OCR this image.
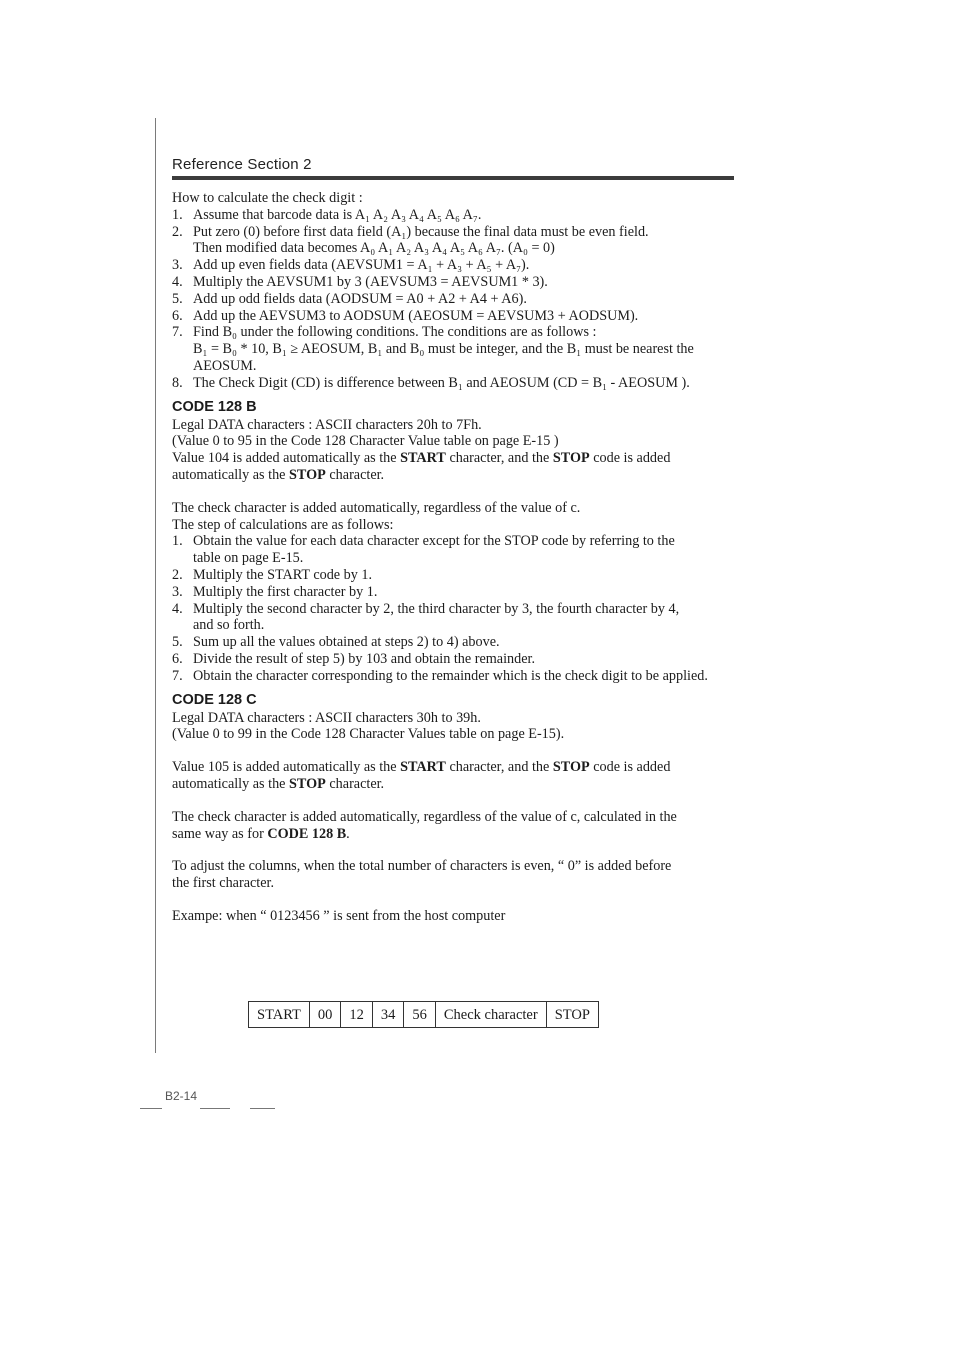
Reference Section 2

How to calculate the check digit :

1. Assume that barcode data is A₁ A₂ A₃ A₄ A₅ A₆ A₇.
2. Put zero (0) before first data field (A₁) because the final data must be even field.
Then modified data becomes A₀ A₁ A₂ A₃ A₄ A₅ A₆ A₇. (A₀ = 0)
3. Add up even fields data (AEVSUM1 = A₁ + A₃ + A₅ + A₇).
4. Multiply the AEVSUM1 by 3 (AEVSUM3 = AEVSUM1 * 3).
5. Add up odd fields data (AODSUM = A0 + A2 + A4 + A6).
6. Add up the AEVSUM3 to AODSUM (AEOSUM = AEVSUM3 + AODSUM).
7. Find B₀ under the following conditions. The conditions are as follows :
B₁ = B₀ * 10, B₁ ≥ AEOSUM, B₁ and B₀ must be integer, and the B₁ must be nearest the
AEOSUM.
8. The Check Digit (CD) is difference between B₁ and AEOSUM (CD = B₁ - AEOSUM ).

CODE 128 B

Legal DATA characters : ASCII characters 20h to 7Fh.

(Value 0 to 95 in the Code 128 Character Value table on page E-15 )

Value 104 is added automatically as the START character, and the STOP code is added
automatically as the STOP character.

The check character is added automatically, regardless of the value of c.

The step of calculations are as follows:

1. Obtain the value for each data character except for the STOP code by referring to the
table on page E-15.
2. Multiply the START code by 1.
3. Multiply the first character by 1.
4. Multiply the second character by 2, the third character by 3, the fourth character by 4,
and so forth.
5. Sum up all the values obtained at steps 2) to 4) above.
6. Divide the result of step 5) by 103 and obtain the remainder.
7. Obtain the character corresponding to the remainder which is the check digit to be applied.

CODE 128 C

Legal DATA characters : ASCII characters 30h to 39h.

(Value 0 to 99 in the Code 128 Character Values table on page E-15).

Value 105 is added automatically as the START character, and the STOP code is added
automatically as the STOP character.

The check character is added automatically, regardless of the value of c, calculated in the
same way as for CODE 128 B.

To adjust the columns, when the total number of characters is even, “ 0” is added before
the first character.

Exampe: when “ 0123456 ” is sent from the host computer

START	00	12	34	56	Check character	STOP
B2-14
